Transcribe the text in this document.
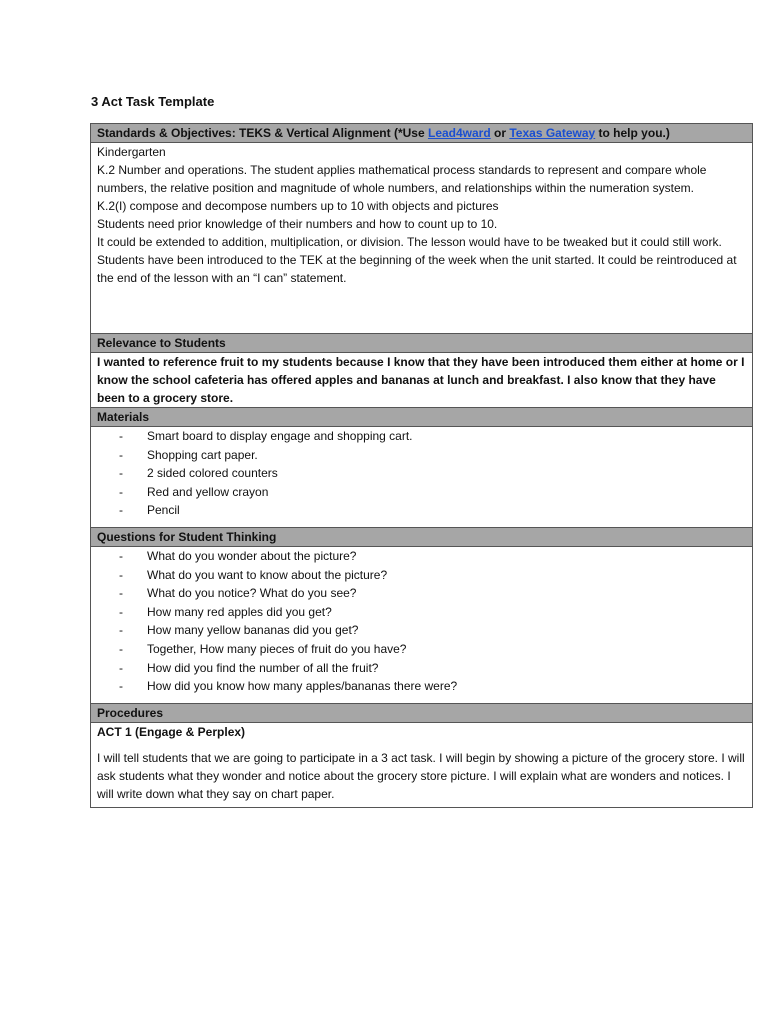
3 Act Task Template
Standards & Objectives: TEKS & Vertical Alignment (*Use Lead4ward or Texas Gateway to help you.)

Kindergarten
K.2 Number and operations. The student applies mathematical process standards to represent and compare whole numbers, the relative position and magnitude of whole numbers, and relationships within the numeration system.
K.2(I) compose and decompose numbers up to 10 with objects and pictures
Students need prior knowledge of their numbers and how to count up to 10.
It could be extended to addition, multiplication, or division. The lesson would have to be tweaked but it could still work.
Students have been introduced to the TEK at the beginning of the week when the unit started. It could be reintroduced at the end of the lesson with an “I can” statement.

Relevance to Students
I wanted to reference fruit to my students because I know that they have been introduced them either at home or I know the school cafeteria has offered apples and bananas at lunch and breakfast. I also know that they have been to a grocery store.
Materials

- Smart board to display engage and shopping cart.
- Shopping cart paper.
- 2 sided colored counters
- Red and yellow crayon
- Pencil

Questions for Student Thinking

- What do you wonder about the picture?
- What do you want to know about the picture?
- What do you notice? What do you see?
- How many red apples did you get?
- How many yellow bananas did you get?
- Together, How many pieces of fruit do you have?
- How did you find the number of all the fruit?
- How did you know how many apples/bananas there were?

Procedures

ACT 1 (Engage & Perplex)

I will tell students that we are going to participate in a 3 act task. I will begin by showing a picture of the grocery store. I will ask students what they wonder and notice about the grocery store picture. I will explain what are wonders and notices. I will write down what they say on chart paper.
